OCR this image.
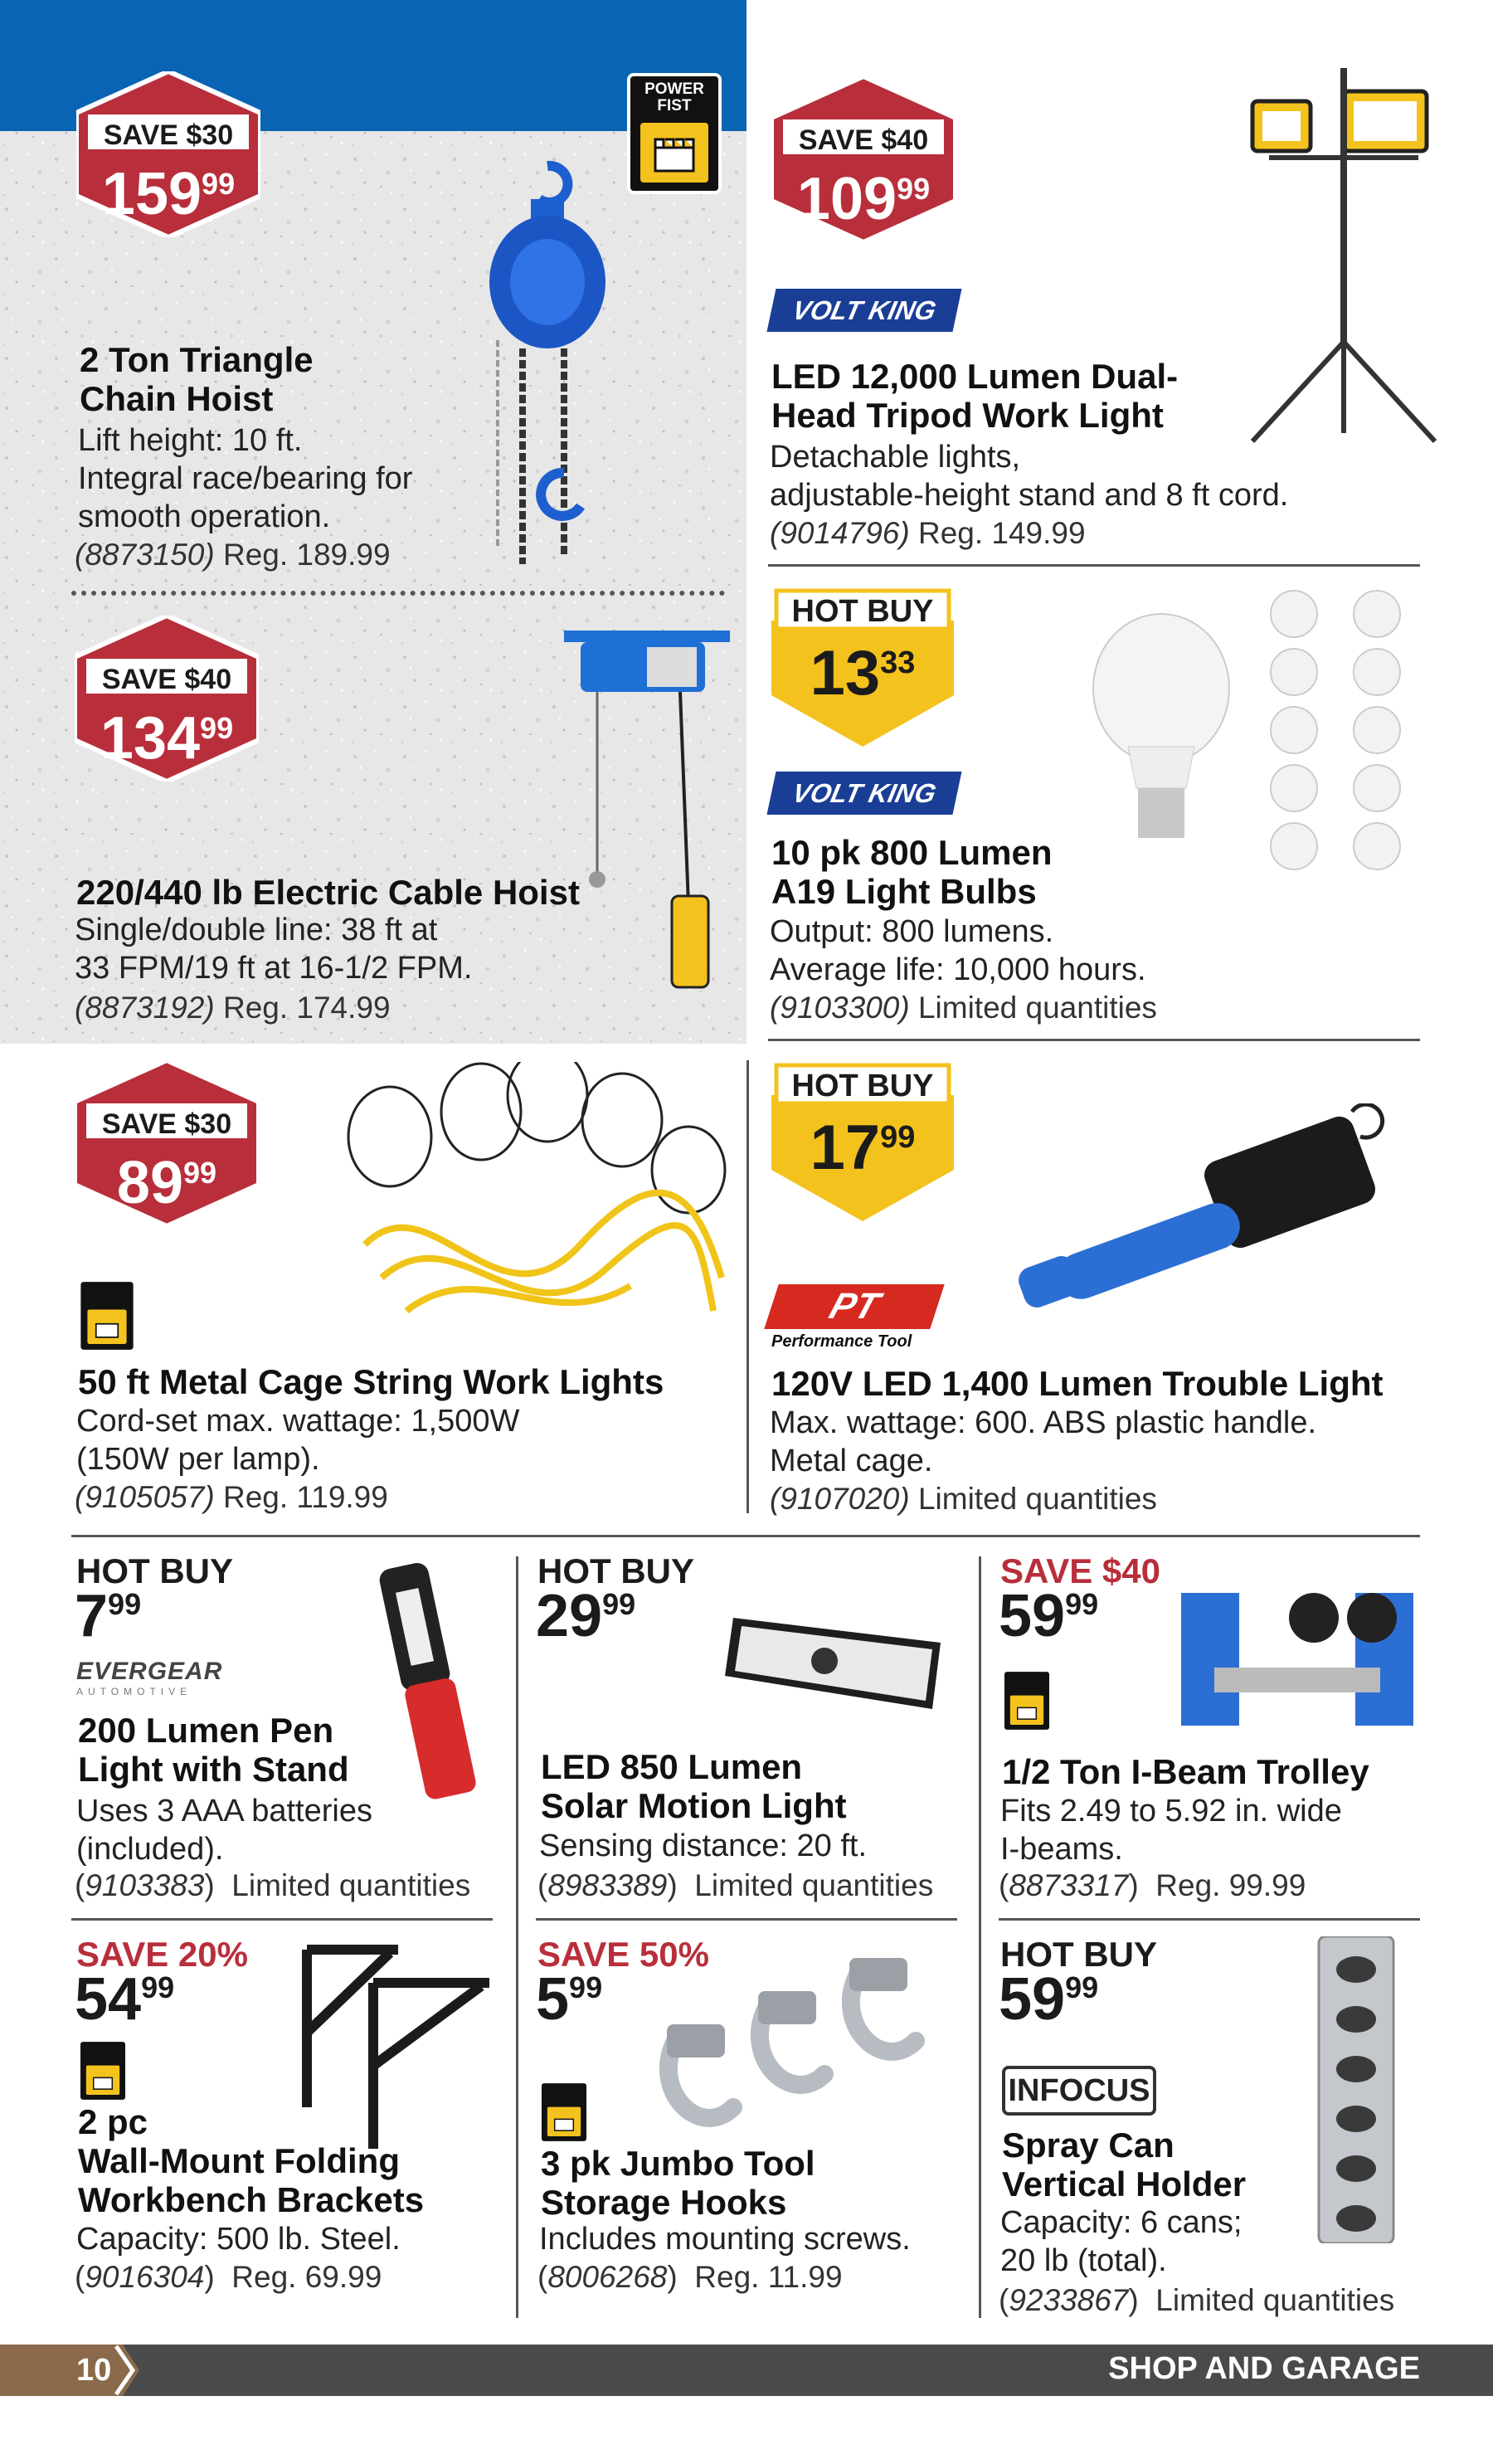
SAVE $30
$159^{99}$
POWER
FIST
2 Ton Triangle
Chain Hoist
Lift height: 10 ft.
Integral race/bearing for
smooth operation.
(8873150) Reg. 189.99
SAVE $40
$134^{99}$
220/440 lb Electric Cable Hoist
Single/double line: 38 ft at
33 FPM/19 ft at 16-1/2 FPM.
(8873192) Reg. 174.99
SAVE $40
$109^{99}$
VOLT KING
LED 12,000 Lumen Dual-
Head Tripod Work Light
Detachable lights,
adjustable-height stand and 8 ft cord.
(9014796) Reg. 149.99
HOT BUY
$13^{33}$
VOLT KING
10 pk 800 Lumen
A19 Light Bulbs
Output: 800 lumens.
Average life: 10,000 hours.
(9103300) Limited quantities
SAVE $30
$89^{99}$
50 ft Metal Cage String Work Lights
Cord-set max. wattage: 1,500W
(150W per lamp).
(9105057) Reg. 119.99
HOT BUY
$17^{99}$
PT
Performance Tool
120V LED 1,400 Lumen Trouble Light
Max. wattage: 600. ABS plastic handle.
Metal cage.
(9107020) Limited quantities
HOT BUY
$7^{99}$
EVERGEAR
AUTOMOTIVE
200 Lumen Pen
Light with Stand
Uses 3 AAA batteries
(included).
(9103383)  Limited quantities
HOT BUY
$29^{99}$
LED 850 Lumen
Solar Motion Light
Sensing distance: 20 ft.
(8983389)  Limited quantities
SAVE $40
$59^{99}$
1/2 Ton I-Beam Trolley
Fits 2.49 to 5.92 in. wide
I-beams.
(8873317)  Reg. 99.99
SAVE 20%
$54^{99}$
2 pc
Wall-Mount Folding
Workbench Brackets
Capacity: 500 lb. Steel.
(9016304)  Reg. 69.99
SAVE 50%
$5^{99}$
3 pk Jumbo Tool
Storage Hooks
Includes mounting screws.
(8006268)  Reg. 11.99
HOT BUY
$59^{99}$
INFOCUS
Spray Can
Vertical Holder
Capacity: 6 cans;
20 lb (total).
(9233867)  Limited quantities
10	SHOP AND GARAGE
